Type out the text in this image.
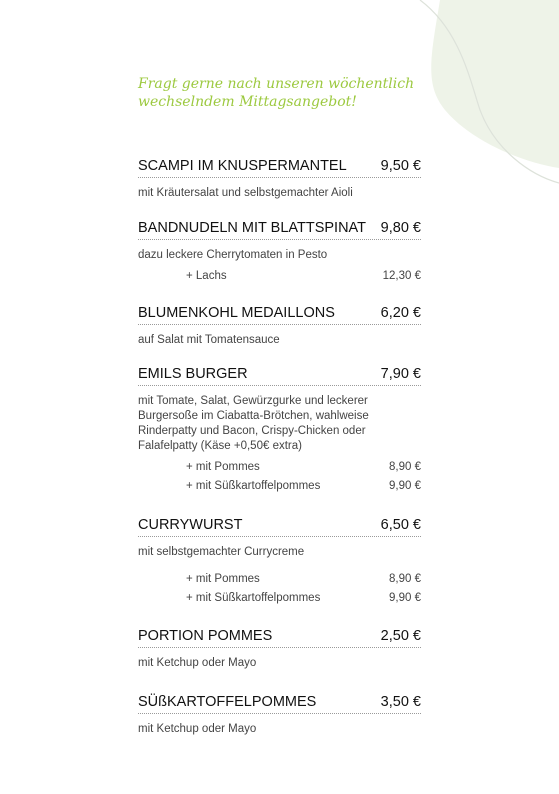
Fragt gerne nach unseren wöchentlich
wechselndem Mittagsangebot!
SCAMPI IM KNUSPERMANTEL 9,50 €
mit Kräutersalat und selbstgemachter Aioli
BANDNUDELN MIT BLATTSPINAT 9,80 €
dazu leckere Cherrytomaten in Pesto
+ Lachs	12,30 €
BLUMENKOHL MEDAILLONS	6,20 €
auf Salat mit Tomatensauce
EMILS BURGER	7,90 €
mit Tomate, Salat, Gewürzgurke und leckerer
Burgersoße im Ciabatta-Brötchen, wahlweise
Rinderpatty und Bacon, Crispy-Chicken oder
Falafelpatty (Käse +0,50€ extra)
+ mit Pommes	8,90 €
+ mit Süßkartoffelpommes	9,90 €
CURRYWURST	6,50 €
mit selbstgemachter Currycreme
+ mit Pommes	8,90 €
+ mit Süßkartoffelpommes	9,90 €
PORTION POMMES	2,50 €
mit Ketchup oder Mayo
SÜßKARTOFFELPOMMES	3,50 €
mit Ketchup oder Mayo
